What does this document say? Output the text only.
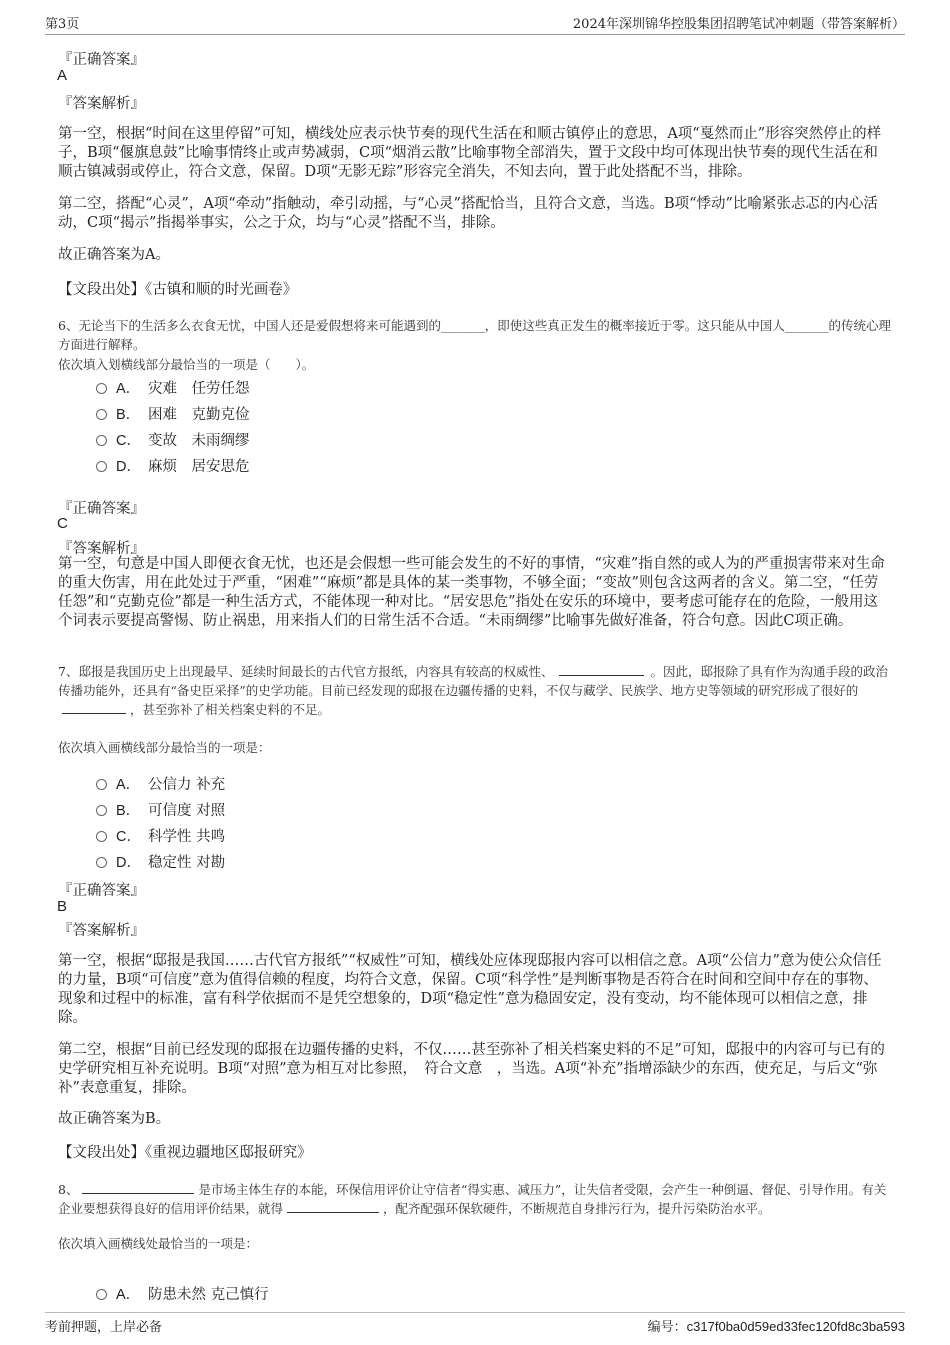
第3页	2024年深圳锦华控股集团招聘笔试冲刺题（带答案解析）
『正确答案』
A
『答案解析』
第一空，根据“时间在这里停留”可知，横线处应表示快节奏的现代生活在和顺古镇停止的意思，A项“戛然而止”形容突然停止的样子，B项“偃旗息鼓”比喻事情终止或声势减弱，C项“烟消云散”比喻事物全部消失，置于文段中均可体现出快节奏的现代生活在和顺古镇减弱或停止，符合文意，保留。D项“无影无踪”形容完全消失，不知去向，置于此处搭配不当，排除。
第二空，搭配“心灵”，A项“牵动”指触动，牵引动摇，与“心灵”搭配恰当，且符合文意，当选。B项“悸动”比喻紧张忐忑的内心活动，C项“揭示”指揭举事实，公之于众，均与“心灵”搭配不当，排除。
故正确答案为A。
【文段出处】《古镇和顺的时光画卷》
6、无论当下的生活多么衣食无忧，中国人还是爱假想将来可能遇到的_______，即使这些真正发生的概率接近于零。这只能从中国人_______的传统心理方面进行解释。
依次填入划横线部分最恰当的一项是（　　）。
A． 灾难　任劳任怨
B． 困难　克勤克俭
C． 变故　未雨绸缪
D． 麻烦　居安思危
『正确答案』
C
『答案解析』
第一空，句意是中国人即便衣食无忧，也还是会假想一些可能会发生的不好的事情，“灾难”指自然的或人为的严重损害带来对生命的重大伤害，用在此处过于严重，“困难”“麻烦”都是具体的某一类事物，不够全面；“变故”则包含这两者的含义。第二空，“任劳任怨”和“克勤克俭”都是一种生活方式，不能体现一种对比。“居安思危”指处在安乐的环境中，要考虑可能存在的危险，一般用这个词表示要提高警惕、防止祸患，用来指人们的日常生活不合适。“未雨绸缪”比喻事先做好准备，符合句意。因此C项正确。
7、邸报是我国历史上出现最早、延续时间最长的古代官方报纸，内容具有较高的权威性、	。因此，邸报除了具有作为沟通手段的政治传播功能外，还具有“备史臣采择”的史学功能。目前已经发现的邸报在边疆传播的史料，不仅与藏学、民族学、地方史等领域的研究形成了很好的，甚至弥补了相关档案史料的不足。
依次填入画横线部分最恰当的一项是：
A． 公信力 补充
B． 可信度 对照
C． 科学性 共鸣
D． 稳定性 对勘
『正确答案』
B
『答案解析』
第一空，根据“邸报是我国……古代官方报纸”“权威性”可知，横线处应体现邸报内容可以相信之意。A项“公信力”意为使公众信任的力量，B项“可信度”意为值得信赖的程度，均符合文意，保留。C项“科学性”是判断事物是否符合在时间和空间中存在的事物、现象和过程中的标准，富有科学依据而不是凭空想象的，D项“稳定性”意为稳固安定，没有变动，均不能体现可以相信之意，排除。
第二空，根据“目前已经发现的邸报在边疆传播的史料，不仅……甚至弥补了相关档案史料的不足”可知，邸报中的内容可与已有的史学研究相互补充说明。B项“对照”意为相互对比参照，　符合文意　，当选。A项“补充”指增添缺少的东西，使充足，与后文“弥补”表意重复，排除。
故正确答案为B。
【文段出处】《重视边疆地区邸报研究》
8、	是市场主体生存的本能，环保信用评价让守信者“得实惠、减压力”，让失信者受限，会产生一种倒逼、督促、引导作用。有关企业要想获得良好的信用评价结果，就得	，配齐配强环保软硬件，不断规范自身排污行为，提升污染防治水平。
依次填入画横线处最恰当的一项是：
A． 防患未然 克己慎行
考前押题，上岸必备	编号：c317f0ba0d59ed33fec120fd8c3ba593
